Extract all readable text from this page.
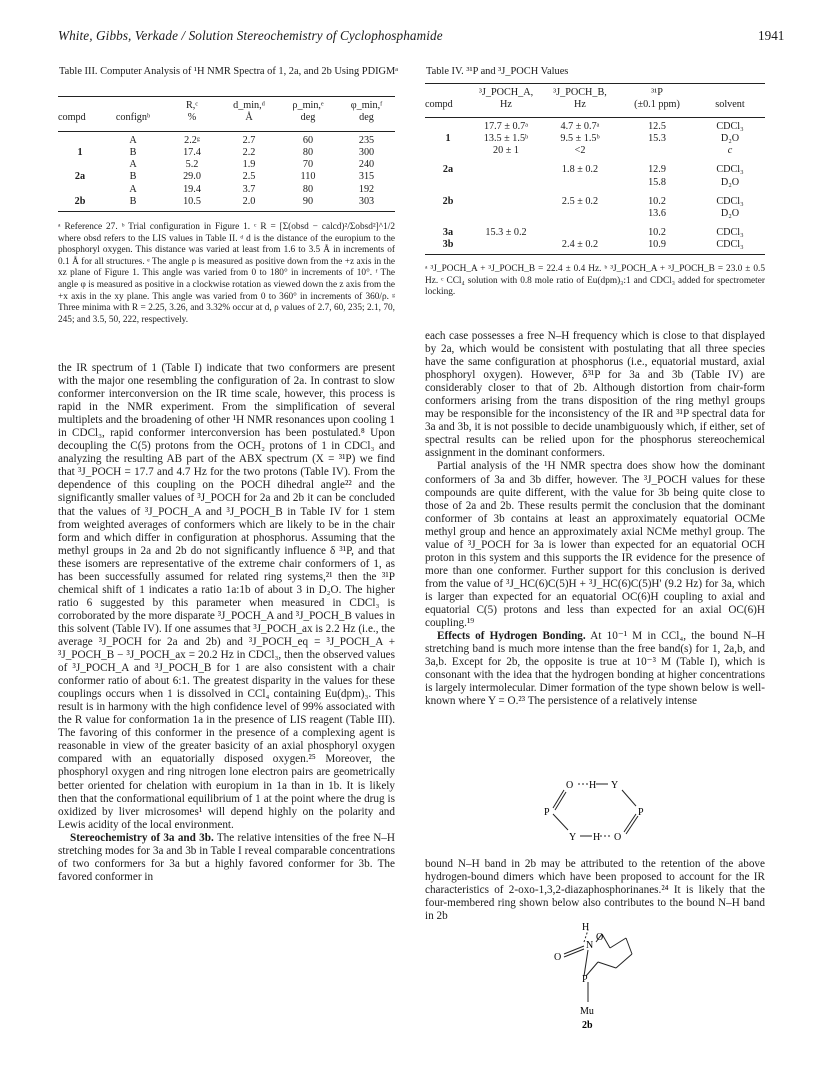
White, Gibbs, Verkade / Solution Stereochemistry of Cyclophosphamide	1941
Table III. Computer Analysis of ¹H NMR Spectra of 1, 2a, and 2b Using PDIGMᵃ
		R,ᶜ	d_min,ᵈ	ρ_min,ᵉ	φ_min,ᶠ
compd	confignᵇ	%	Å	deg	deg

	A	2.2ᵍ	2.7	60	235
1	B	17.4	2.2	80	300
	A	5.2	1.9	70	240
2a	B	29.0	2.5	110	315
	A	19.4	3.7	80	192
2b	B	10.5	2.0	90	303

ᵃ Reference 27. ᵇ Trial configuration in Figure 1. ᶜ R = [Σ(obsd − calcd)²/Σobsd²]^1/2 where obsd refers to the LIS values in Table II. ᵈ d is the distance of the europium to the phosphoryl oxygen. This distance was varied at least from 1.6 to 3.5 Å in increments of 0.1 Å for all structures. ᵉ The angle ρ is measured as positive down from the +z axis in the xz plane of Figure 1. This angle was varied from 0 to 180° in increments of 10°. ᶠ The angle φ is measured as positive in a clockwise rotation as viewed down the z axis from the +x axis in the xy plane. This angle was varied from 0 to 360° in increments of 360/ρ. ᵍ Three minima with R = 2.25, 3.26, and 3.32% occur at d, ρ values of 2.7, 60, 235; 2.1, 70, 245; and 3.5, 50, 222, respectively.

the IR spectrum of 1 (Table I) indicate that two conformers are present with the major one resembling the configuration of 2a. In contrast to slow conformer interconversion on the IR time scale, however, this process is rapid in the NMR experiment. From the simplification of several multiplets and the broadening of other ¹H NMR resonances upon cooling 1 in CDCl₃, rapid conformer interconversion has been postulated.⁸ Upon decoupling the C(5) protons from the OCH₂ protons of 1 in CDCl₃ and analyzing the resulting AB part of the ABX spectrum (X = ³¹P) we find that ³J_POCH = 17.7 and 4.7 Hz for the two protons (Table IV). From the dependence of this coupling on the POCH dihedral angle²² and the significantly smaller values of ³J_POCH for 2a and 2b it can be concluded that the values of ³J_POCH_A and ³J_POCH_B in Table IV for 1 stem from weighted averages of conformers which are likely to be in the chair form and which differ in configuration at phosphorus. Assuming that the methyl groups in 2a and 2b do not significantly influence δ ³¹P, and that these isomers are representative of the extreme chair conformers of 1, as has been successfully assumed for related ring systems,²¹ then the ³¹P chemical shift of 1 indicates a ratio 1a:1b of about 3 in D₂O. The higher ratio 6 suggested by this parameter when measured in CDCl₃ is corroborated by the more disparate ³J_POCH_A and ³J_POCH_B values in this solvent (Table IV). If one assumes that ³J_POCH_ax is 2.2 Hz (i.e., the average ³J_POCH for 2a and 2b) and ³J_POCH_eq = ³J_POCH_A + ³J_POCH_B − ³J_POCH_ax = 20.2 Hz in CDCl₃, then the observed values of ³J_POCH_A and ³J_POCH_B for 1 are also consistent with a chair conformer ratio of about 6:1. The greatest disparity in the values for these couplings occurs when 1 is dissolved in CCl₄ containing Eu(dpm)₃. This result is in harmony with the high confidence level of 99% associated with the R value for conformation 1a in the presence of LIS reagent (Table III). The favoring of this conformer in the presence of a complexing agent is reasonable in view of the greater basicity of an axial phosphoryl oxygen compared with an equatorially disposed oxygen.²⁵ Moreover, the phosphoryl oxygen and ring nitrogen lone electron pairs are geometrically better oriented for chelation with europium in 1a than in 1b. It is likely then that the conformational equilibrium of 1 at the point where the drug is oxidized by liver microsomes¹ will depend highly on the polarity and Lewis acidity of the local environment.

Stereochemistry of 3a and 3b. The relative intensities of the free N–H stretching modes for 3a and 3b in Table I reveal comparable concentrations of two conformers for 3a but a highly favored conformer for 3b. The favored conformer in

Table IV. ³¹P and ³J_POCH Values
	³J_POCH_A,	³J_POCH_B,	³¹P	
compd	Hz	Hz	(±0.1 ppm)	solvent

	17.7 ± 0.7ᵃ	4.7 ± 0.7ᵃ	12.5	CDCl₃
1	13.5 ± 1.5ᵇ	9.5 ± 1.5ᵇ	15.3	D₂O
	20 ± 1	<2		c

2a		1.8 ± 0.2	12.9	CDCl₃
			15.8	D₂O

2b		2.5 ± 0.2	10.2	CDCl₃
			13.6	D₂O

3a	15.3 ± 0.2		10.2	CDCl₃
3b		2.4 ± 0.2	10.9	CDCl₃

ᵃ ³J_POCH_A + ³J_POCH_B = 22.4 ± 0.4 Hz. ᵇ ³J_POCH_A + ³J_POCH_B = 23.0 ± 0.5 Hz. ᶜ CCl₄ solution with 0.8 mole ratio of Eu(dpm)₃:1 and CDCl₃ added for spectrometer locking.

each case possesses a free N–H frequency which is close to that displayed by 2a, which would be consistent with postulating that all three species have the same configuration at phosphorus (i.e., equatorial mustard, axial phosphoryl oxygen). However, δ³¹P for 3a and 3b (Table IV) are considerably closer to that of 2b. Although distortion from chair-form conformers arising from the trans disposition of the ring methyl groups may be responsible for the inconsistency of the IR and ³¹P spectral data for 3a and 3b, it is not possible to decide unambiguously which, if either, set of spectral results can be relied upon for the phosphorus stereochemical assignment in the dominant conformers.

Partial analysis of the ¹H NMR spectra does show how the dominant conformers of 3a and 3b differ, however. The ³J_POCH values for these compounds are quite different, with the value for 3b being quite close to those of 2a and 2b. These results permit the conclusion that the dominant conformer of 3b contains at least an approximately equatorial OCMe methyl group and hence an approximately axial NCMe methyl group. The value of ³J_POCH for 3a is lower than expected for an equatorial OCH proton in this system and this supports the IR evidence for the presence of more than one conformer. Further support for this conclusion is derived from the value of ³J_HC(6)C(5)H + ³J_HC(6)C(5)H' (9.2 Hz) for 3a, which is larger than expected for an equatorial OC(6)H coupling to axial and equatorial C(5) protons and less than expected for an axial OC(6)H coupling.¹⁹

Effects of Hydrogen Bonding. At 10⁻¹ M in CCl₄, the bound N–H stretching band is much more intense than the free band(s) for 1, 2a,b, and 3a,b. Except for 2b, the opposite is true at 10⁻³ M (Table I), which is consonant with the idea that the hydrogen bonding at higher concentrations is largely intermolecular. Dimer formation of the type shown below is well-known where Y = O.²³ The persistence of a relatively intense

O H Y
P	P
Y H O

bound N–H band in 2b may be attributed to the retention of the above hydrogen-bound dimers which have been proposed to account for the IR characteristics of 2-oxo-1,3,2-diazaphosphorinanes.²⁴ It is likely that the four-membered ring shown below also contributes to the bound N–H band in 2b

H
O
N
O
P
Mu
2b
